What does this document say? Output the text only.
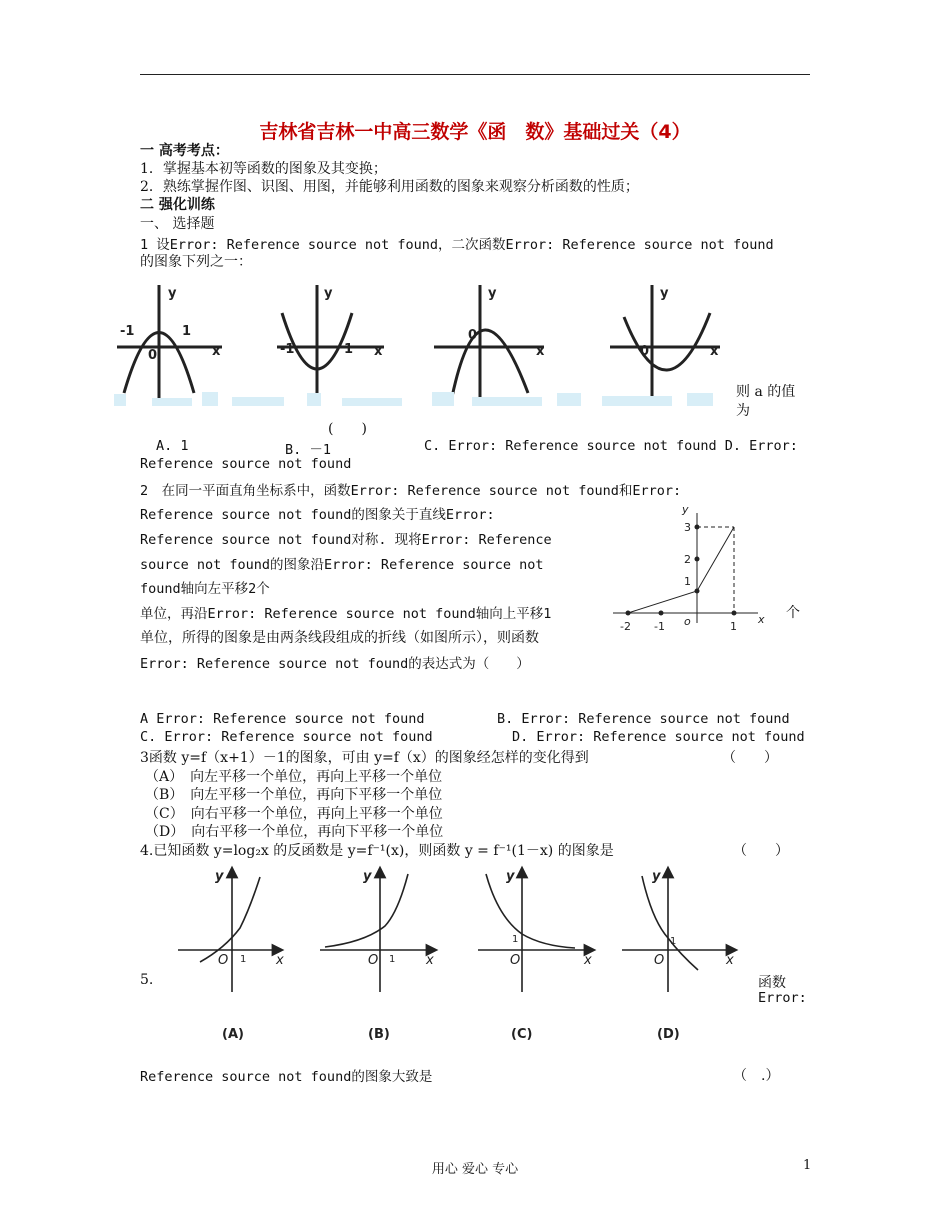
吉林省吉林一中高三数学《函　数》基础过关（4）
一 高考考点：
1．掌握基本初等函数的图象及其变换；
2．熟练掌握作图、识图、用图，并能够利用函数的图象来观察分析函数的性质；
二 强化训练
一、 选择题
1 设Error: Reference source not found，二次函数Error: Reference source not found
的图象下列之一：
y
x
-1	1
0
y
x
-1	1
y
x
0
y
x
0
则 a 的值
为
(　　)
A. 1	B. －1	C. Error: Reference source not found D. Error:
Reference source not found
2　在同一平面直角坐标系中，函数Error: Reference source not found和Error:
Reference source not found的图象关于直线Error:
Reference source not found对称. 现将Error: Reference
source not found的图象沿Error: Reference source not
found轴向左平移2个
单位，再沿Error: Reference source not found轴向上平移1	个
单位，所得的图象是由两条线段组成的折线（如图所示），则函数
Error: Reference source not found的表达式为（　　）
y
x
3
2
1
-2 -1 o	1
A Error: Reference source not found	B. Error: Reference source not found
C. Error: Reference source not found	D. Error: Reference source not found
3函数 y=f（x+1）－1的图象，可由 y=f（x）的图象经怎样的变化得到	（　　）
（A）　向左平移一个单位，再向上平移一个单位
（B）　向左平移一个单位，再向下平移一个单位
（C）　向右平移一个单位，再向上平移一个单位
（D）　向右平移一个单位，再向下平移一个单位
4.已知函数 y=log₂x 的反函数是 y=f⁻¹(x)，则函数 y = f⁻¹(1－x) 的图象是	（　　）
y
x
O 1
(A)
y
x
O 1
(B)
y
x
O
1
(C)
y
x
O
1
(D)
5.	函数
Error:
Reference source not found的图象大致是	（　.）
用心 爱心 专心	1
